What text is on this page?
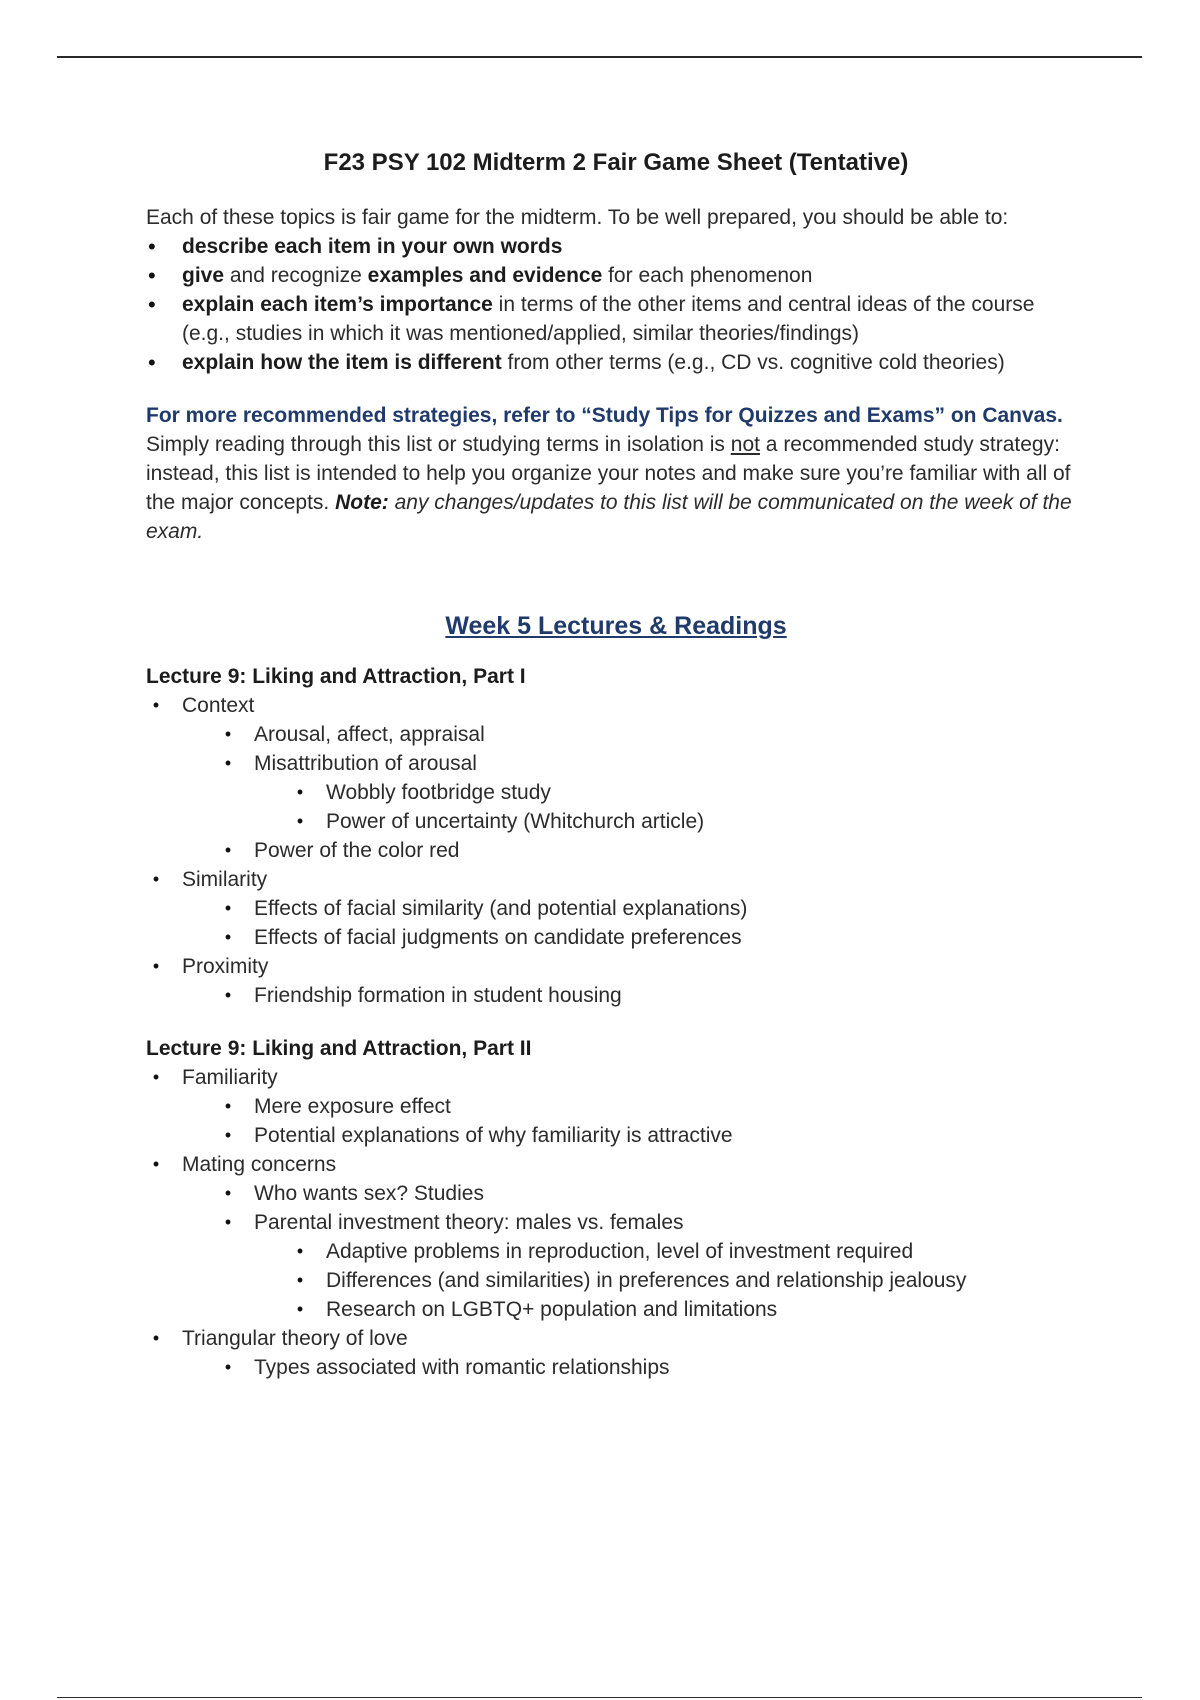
F23 PSY 102 Midterm 2 Fair Game Sheet (Tentative)

Each of these topics is fair game for the midterm. To be well prepared, you should be able to:

• describe each item in your own words
• give and recognize examples and evidence for each phenomenon
• explain each item’s importance in terms of the other items and central ideas of the course (e.g., studies in which it was mentioned/applied, similar theories/findings)
• explain how the item is different from other terms (e.g., CD vs. cognitive cold theories)

For more recommended strategies, refer to “Study Tips for Quizzes and Exams” on Canvas.

Simply reading through this list or studying terms in isolation is not a recommended study strategy: instead, this list is intended to help you organize your notes and make sure you’re familiar with all of the major concepts. Note: any changes/updates to this list will be communicated on the week of the exam.

Week 5 Lectures & Readings

Lecture 9: Liking and Attraction, Part I

•	Context
•	Arousal, affect, appraisal
•	Misattribution of arousal
•	Wobbly footbridge study
•	Power of uncertainty (Whitchurch article)
•	Power of the color red
•	Similarity
•	Effects of facial similarity (and potential explanations)
•	Effects of facial judgments on candidate preferences
•	Proximity
•	Friendship formation in student housing

Lecture 9: Liking and Attraction, Part II

•	Familiarity
•	Mere exposure effect
•	Potential explanations of why familiarity is attractive
•	Mating concerns
•	Who wants sex? Studies
•	Parental investment theory: males vs. females
•	Adaptive problems in reproduction, level of investment required
•	Differences (and similarities) in preferences and relationship jealousy
•	Research on LGBTQ+ population and limitations
•	Triangular theory of love
•	Types associated with romantic relationships
